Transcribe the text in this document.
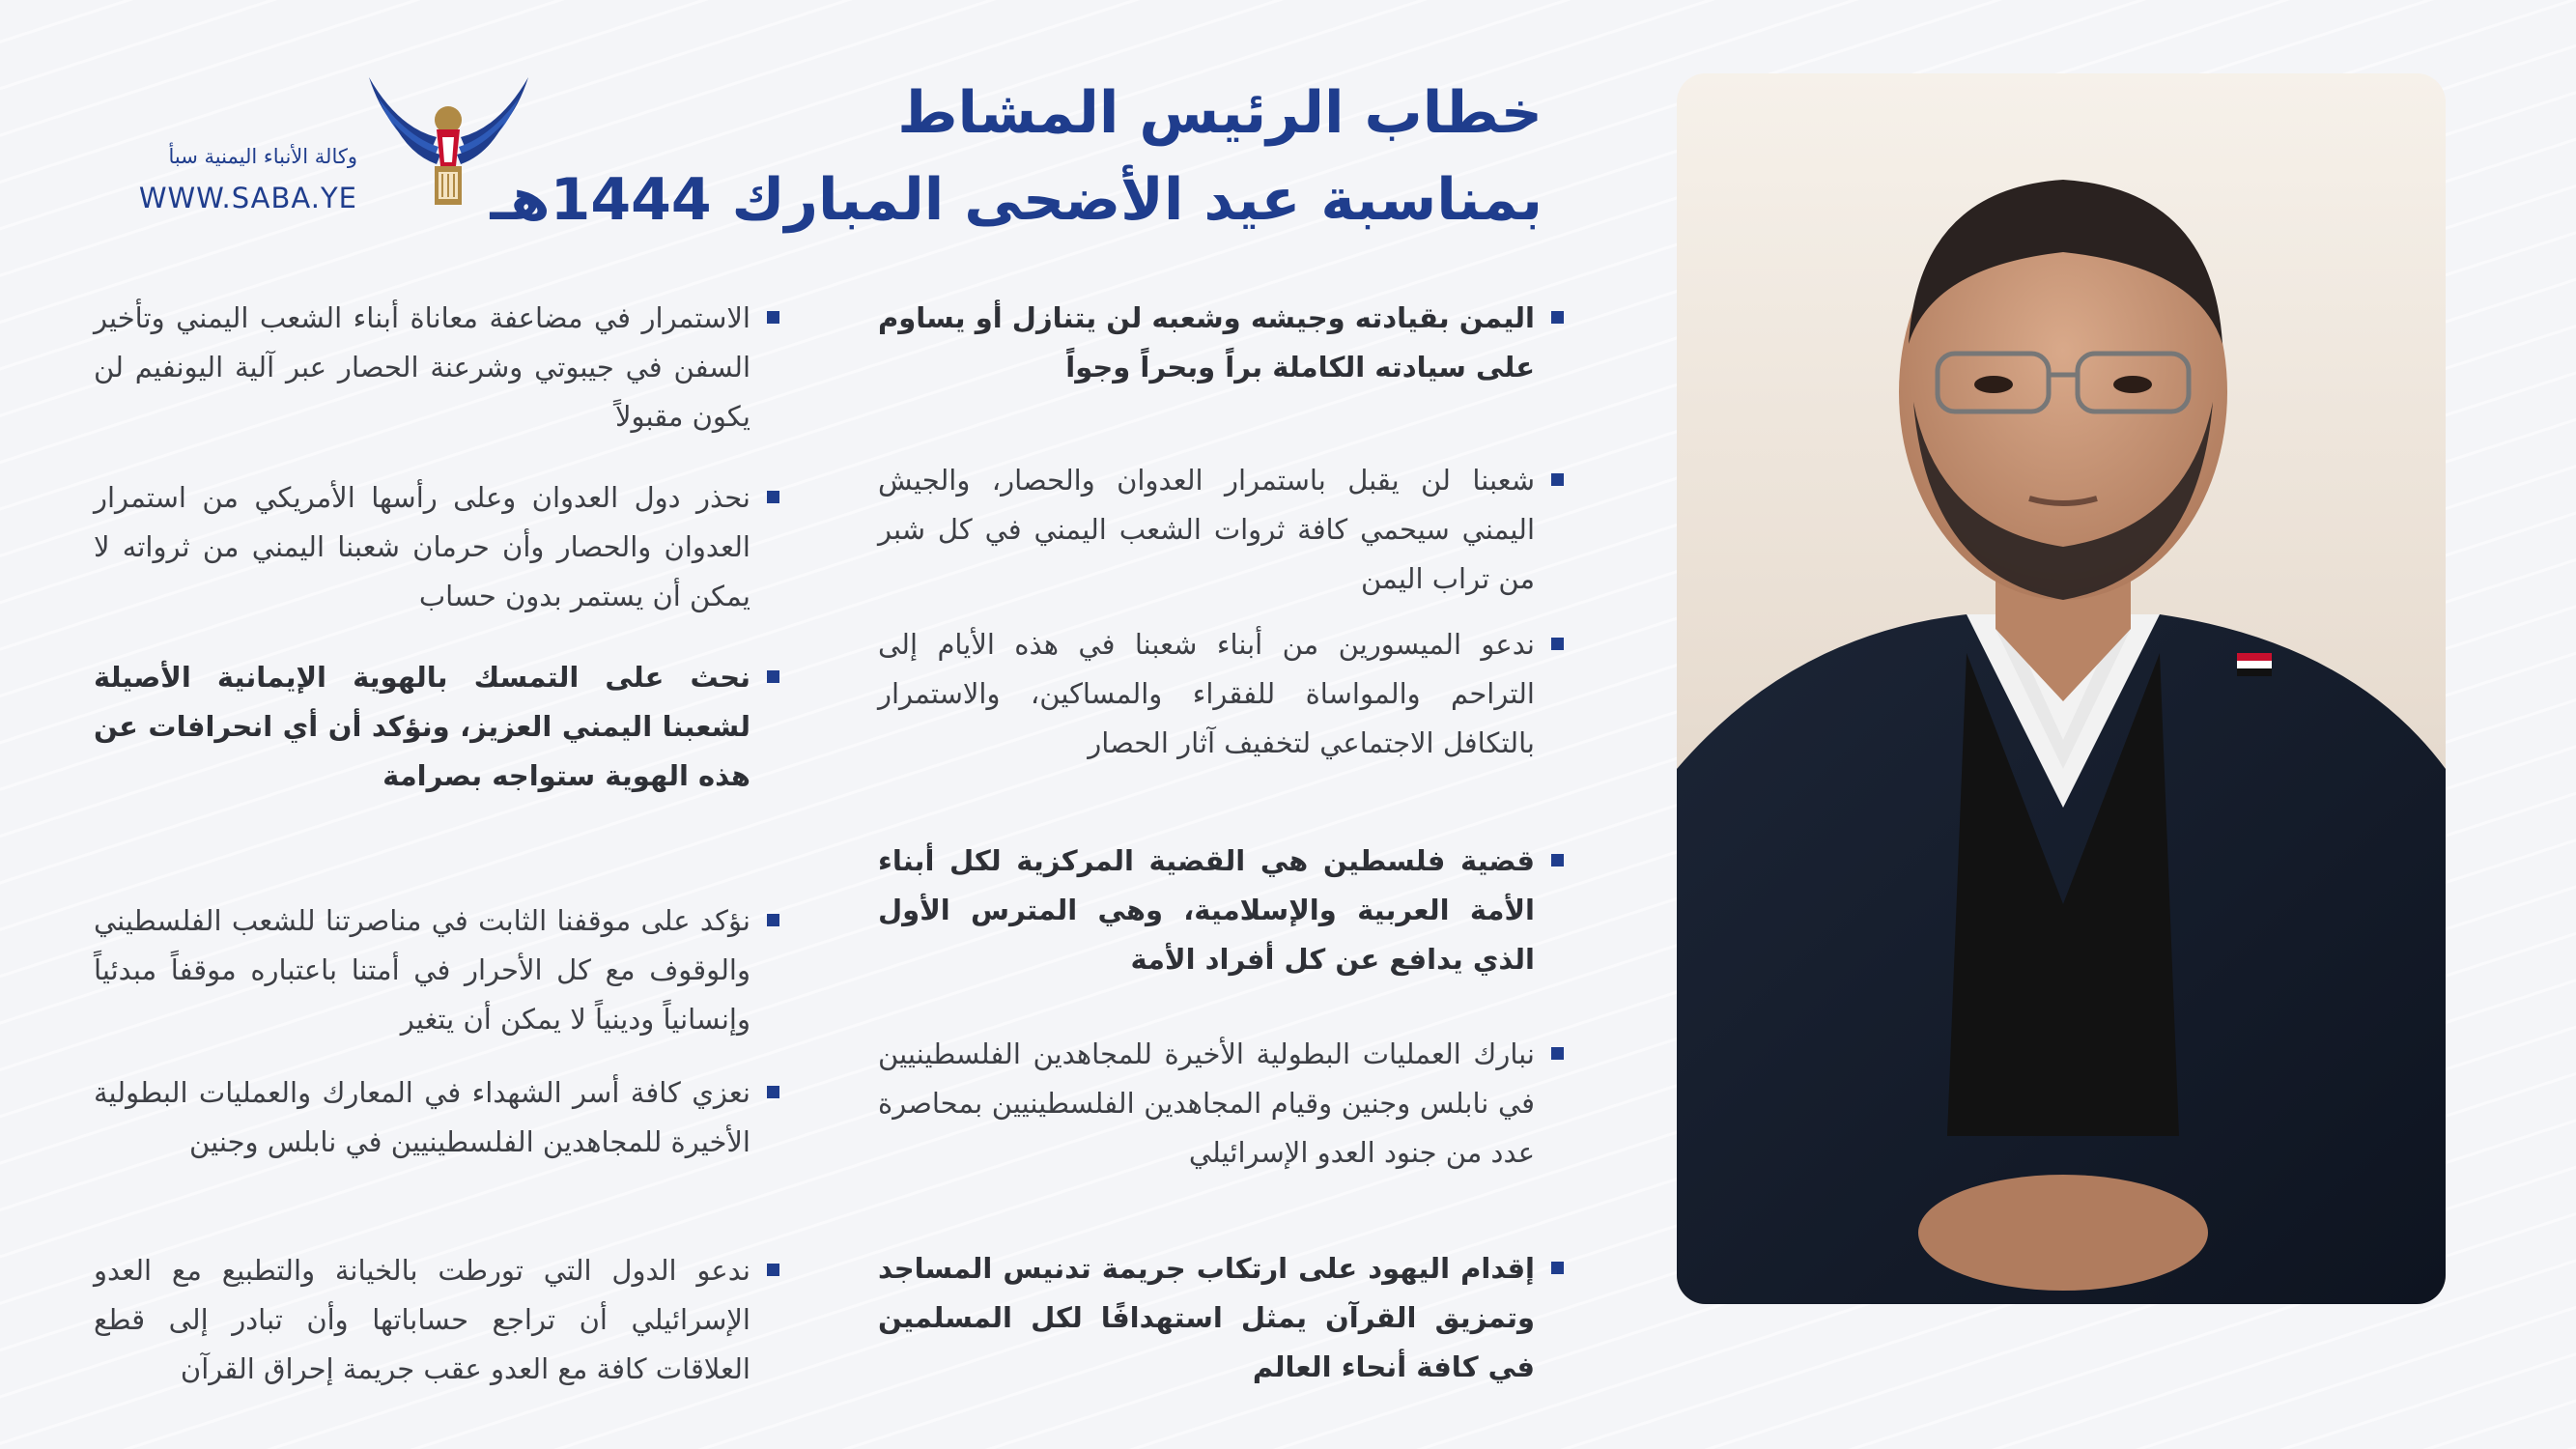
خطاب الرئيس المشاط
بمناسبة عيد الأضحى المبارك 1444هـ
وكالة الأنباء اليمنية سبأ
WWW.SABA.YE
اليمن بقيادته وجيشه وشعبه لن يتنازل أو يساوم على سيادته الكاملة براً وبحراً وجواً
شعبنا لن يقبل باستمرار العدوان والحصار، والجيش اليمني سيحمي كافة ثروات الشعب اليمني في كل شبر من تراب اليمن
ندعو الميسورين من أبناء شعبنا في هذه الأيام إلى التراحم والمواساة للفقراء والمساكين، والاستمرار بالتكافل الاجتماعي لتخفيف آثار الحصار
قضية فلسطين هي القضية المركزية لكل أبناء الأمة العربية والإسلامية، وهي المترس الأول الذي يدافع عن كل أفراد الأمة
نبارك العمليات البطولية الأخيرة للمجاهدين الفلسطينيين في نابلس وجنين وقيام المجاهدين الفلسطينيين بمحاصرة عدد من جنود العدو الإسرائيلي
إقدام اليهود على ارتكاب جريمة تدنيس المساجد وتمزيق القرآن يمثل استهدافًا لكل المسلمين في كافة أنحاء العالم
الاستمرار في مضاعفة معاناة أبناء الشعب اليمني وتأخير السفن في جيبوتي وشرعنة الحصار عبر آلية اليونفيم لن يكون مقبولاً
نحذر دول العدوان وعلى رأسها الأمريكي من استمرار العدوان والحصار وأن حرمان شعبنا اليمني من ثرواته لا يمكن أن يستمر بدون حساب
نحث على التمسك بالهوية الإيمانية الأصيلة لشعبنا اليمني العزيز، ونؤكد أن أي انحرافات عن هذه الهوية ستواجه بصرامة
نؤكد على موقفنا الثابت في مناصرتنا للشعب الفلسطيني والوقوف مع كل الأحرار في أمتنا باعتباره موقفاً مبدئياً وإنسانياً ودينياً لا يمكن أن يتغير
نعزي كافة أسر الشهداء في المعارك والعمليات البطولية الأخيرة للمجاهدين الفلسطينيين في نابلس وجنين
ندعو الدول التي تورطت بالخيانة والتطبيع مع العدو الإسرائيلي أن تراجع حساباتها وأن تبادر إلى قطع العلاقات كافة مع العدو عقب جريمة إحراق القرآن
